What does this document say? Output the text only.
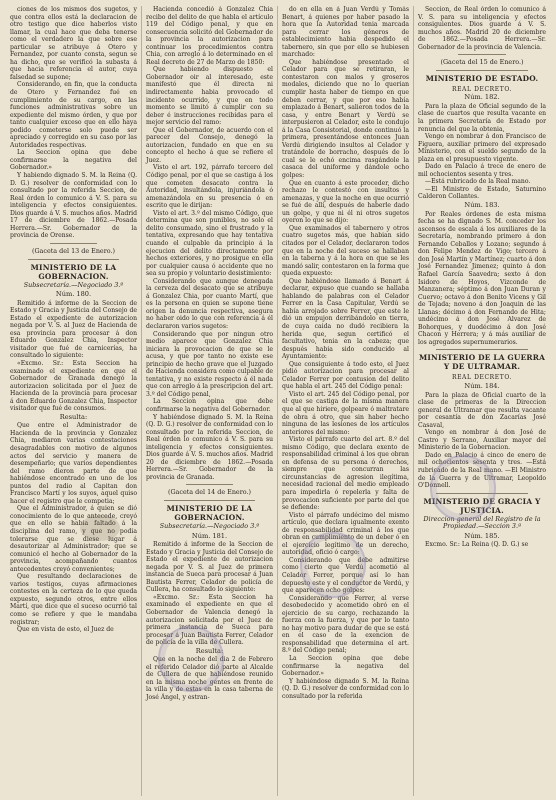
ciones de los mismos dos sugetos, y que contra ellos está la declaracion de otro testigo que dice haberlos visto llamar, la cual hace que deba tenerse como el verdadero la que sobre ese particular se atribuye á Otero y Fernandez, por cuanto consta, segun se ha dicho, que se verificó la subasta á que hacia referencia el autor, cuya falsedad se supone;

Considerando, en fin, que la conducta de Otero y Fernandez fué en cumplimiento de su cargo, en las funciones administrativas sobre un expediente del mismo órden, y que por tanto cualquier exceso que en ello haya podido cometerse solo puede ser apreciado y corregido en su caso por las Autoridades respectivas.

La Seccion opina que debe confirmarse la negativa del Gobernador.»

Y habiendo dignado S. M. la Reina (Q. D. G.) resolver de conformidad con lo consultado por la referida Seccion, de Real órden lo comunico á V. S. para su inteligencia y efectos consiguientes. Dios guarde á V. S. muchos años. Madrid 17 de diciembre de 1862.—Posada Herrera.—Sr. Gobernador de la provincia de Orense.

(Gaceta del 13 de Enero.)

MINISTERIO DE LA GOBERNACION.

Subsecretaría.—Negociado 3.º

Núm. 180.

Remitido á informe de la Seccion de Estado y Gracia y Justicia del Consejo de Estado el expediente de autorizacion negada por V. S. al Juez de Hacienda de esa provincia para procesar á don Eduardo Gonzalez Chia, Inspector visitador que fué de carnicerías, ha consultado lo siguiente:

«Excmo. Sr.: Esta Seccion ha examinado el expediente en que el Gobernador de Granada denegó la autorizacion solicitada por el Juez de Hacienda de la provincia para procesar á don Eduardo Gonzalez Chia, Inspector visitador que fué de consumos.

Resulta:

Que entre el Administrador de Hacienda de la provincia y Gonzalez Chia, mediaron varias contestaciones desagradables con motivo de algunos actos del servicio y manera de desempeñarlo; que varios dependientes del ramo dieron parte de que habiéndose encontrado en uno de los puntos del radio al Capitan don Francisco Martí y los suyos, aquel quiso hacer el registro que le competia;

Que el Administrador, á quien se dió conocimiento de lo que antecede, creyó que en ello se habia faltado á la disciplina del ramo, y que no podia tolerarse que se diese lugar á desautorizar al Administrador; que se comunicó el hecho al Gobernador de la provincia, acompañando cuantos antecedentes creyó convenientes;

Que resultando declaraciones de varios testigos, cuyas afirmaciones contestes en la certeza de lo que queda expuesto, segundo otros, entre ellos Martí, que dice que el suceso ocurrió tal como se refiere y que le mandaba registrar;

Que en vista de esto, el Juez de

Hacienda concedió á Gonzalez Chia recibo del delito de que habla el artículo 119 del Código penal, y que en consecuencia solicitó del Gobernador de la provincia la autorizacion para continuar los procedimientos contra Chia, con arreglo á lo determinado en el Real decreto de 27 de Marzo de 1850:

Que habiendo dispuesto el Gobernador oir al interesado, este manifestó que él directa ni indirectamente habia provocado el incidente ocurrido, y que en todo momento se limitó á cumplir con su deber é instrucciones recibidas para el mejor servicio del ramo:

Que el Gobernador, de acuerdo con el parecer del Consejo, denegó la autorizacion, fundado en que en su concepto el hecho á que se refiere el Juez.

Visto el art. 192, párrafo tercero del Código penal, por el que se castiga á los que cometen desacato contra la Autoridad, insultándola, injuriándola ó amenazándola en su presencia ó en escrito que le dirijan:

Visto el art. 3.º del mismo Código, que determina que son punibles, no solo el delito consumado, sino el frustrado y la tentativa, expresando que hay tentativa cuando el culpable da principio á la ejecucion del delito directamente por hechos exteriores, y no prosigue en ella por cualquier causa ó accidente que no sea su propio y voluntario desistimiento:

Considerando que aunque denegada la cerveza del desacato que se atribuye á Gonzalez Chia, por cuanto Martí, que es la persona en quien se supone tiene origen la denuncia respectiva, asegura no haber oido lo que con referencia á él declararon varios sugetos:

Considerando que por ningun otro medio aparece que Gonzalez Chia iniciara la provocacion de que se le acusa, y que por tanto no existe ese principio de hecho grave que el Juzgado de Hacienda considera como culpable de tentativa, y no existe respecto á él nada que con arreglo á la prescripcion del art. 3.º del Código penal,

La Seccion opina que debe confirmarse la negativa del Gobernador.

Y habiéndose dignado S. M. la Reina (Q. D. G.) resolver de conformidad con lo consultado por la referida Seccion, de Real órden lo comunico á V. S. para su inteligencia y efectos consiguientes. Dios guarde á V. S. muchos años. Madrid 20 de diciembre de 1862.—Posada Herrera.—Sr. Gobernador de la provincia de Granada.

(Gaceta del 14 de Enero.)

MINISTERIO DE LA GOBERNACION.

Subsecretaría.—Negociado 3.º

Núm. 181.

Remitido á informe de la Seccion de Estado y Gracia y Justicia del Consejo de Estado el expediente de autorizacion negada por V. S. al Juez de primera instancia de Sueca para procesar á Juan Bautista Ferrer, Celador de policía de Cullera, ha consultado lo siguiente:

«Excmo. Sr.: Esta Seccion ha examinado el expediente en que el Gobernador de Valencia denegó la autorizacion solicitada por el Juez de primera instancia de Sueca para procesar á Juan Bautista Ferrer, Celador de policía de la villa de Cullera.

Resulta:

Que en la noche del dia 2 de Febrero el referido Celador dió parte al Alcalde de Cullera de que habiéndose reunido en la misma noche gentes en frente de la villa y de estas en la casa taberna de José Ángel, y estran-

do en ella en á Juan Verdú y Tomás Benart, á quienes por haber pasado la hora que la Autoridad tenia marcada para cerrar los géneros de establecimiento habia despedido el tabernero, sin que por ello se hubiesen marchado:

Que habiéndose presentado el Celador para que se retiraran, le contestaron con malos y groseros modales, diciendo que no lo querian cumplir hasta haber de tiempo en que deben cerrar, y que por eso había emplazado á Benart, salieron todos de la casa, y entre Benart y Verdú se interpusieron al Celador, este le condujo á la Casa Consistorial, donde continuó la primera, presentándose entonces Juan Verdú dirigiendo insultos al Celador y tratándole de borracho, después de lo cual se le echó encima rasgándole la casaca del uniforme y dándole ocho golpes:

Que en cuanto á este proceder, dicho rechazo le contestó con insultos y amenazas, y que la noche en que ocurrió se fué de allí, después de haberle dado un golpe, y que ni él ni otros sugetos oyeron lo que se dijo:

Que examinados el tabernero y otros cuatro sugetos más, que habian sido citados por el Celador, declararon todos que en la noche del suceso se hallaban en la taberna y á la hora en que se les mandó salir, contestaron en la forma que queda expuesto:

Que habiéndose llamado á Benart á declarar, expuso que cuando se hallaba hablando de palabras con el Celador Ferrer en la Casa Capitular, Verdú se había arrojado sobre Ferrer, que este le dió un empujon derribándolo en tierra, de cuya caida no dudó recibiera la herida que, segun certificó el facultativo, tenia en la cabeza; que después habia sido conducido al Ayuntamiento:

Que consiguiente á todo esto, el Juez pidió autorizacion para procesar al Celador Ferrer por contusion del delito que habla el art. 245 del Código penal:

Visto el art. 245 del Código penal, por el que se castiga de la misma manera que al que hiriere, golpeare ó maltratare de obra á otro, que sin haber hecho ninguna de las lesiones de los artículos anteriores del mismo:

Visto el párrafo cuarto del art. 8.º del mismo Código, que declara exento de responsabilidad criminal á los que obran en defensa de su persona ó derechos, siempre que concurran las circunstancias de agresion ilegítima, necesidad racional del medio empleado para impedirla ó repelerla y falta de provocacion suficiente por parte del que se defiende:

Visto el párrafo undécimo del mismo artículo, que declara igualmente exento de responsabilidad criminal á los que obran en cumplimiento de un deber ó en el ejercicio legítimo de un derecho, autoridad, oficio ó cargo:

Considerando que debe admitirse como cierto que Verdú acometió al Celador Ferrer, porque así lo han depuesto este y el conductor de Verdú, y que aparecen ocho golpes:

Considerando que Ferrer, al verse desobedecido y acometido obró en el ejercicio de su cargo, rechazando la fuerza con la fuerza, y que por lo tanto no hay motivo para dudar de que se está en el caso de la exencion de responsabilidad que determina el art. 8.º del Código penal;

La Seccion opina que debe confirmarse la negativa del Gobernador.»

Y habiéndose dignado S. M. la Reina (Q. D. G.) resolver de conformidad con lo consultado por la referida

Seccion, de Real órden lo comunico á V. S. para su inteligencia y efectos consiguientes. Dios guarde á V. S. muchos años. Madrid 20 de diciembre de 1862.—Posada Herrera.—Sr. Gobernador de la provincia de Valencia.

(Gaceta del 15 de Enero.)

MINISTERIO DE ESTADO.

REAL DECRETO.

Núm. 182.

Para la plaza de Oficial segundo de la clase de cuartos que resulta vacante en la primera Secretaría de Estado por renuncia del que la obtenia,

Vengo en nombrar á don Francisco de Figuera, auxiliar primero del expresado Ministerio, con el sueldo segundo de la plaza en el presupuesto vigente.

Dado en Palacio á trece de enero de mil ochocientos sesenta y tres.

—Está rubricado de la Real mano.

—El Ministro de Estado, Saturnino Calderon Collantes.

Núm. 183.

Por Reales órdenes de esta misma fecha se ha dignado S. M. conceder los ascensos de escala á los auxiliares de la Secretaría, nombrando primero á don Fernando Ceballos y Lozano; segundo á don Felipe Mendez de Vigo; tercero á don José Martín y Martínez; cuarto á don José Fernandez Jimenez; quinto á don Rafael García Saavedra; sexto á don Isidoro de Hoyos, Vizconde de Manzanera; séptimo á don Juan Duran y Cuervo; octavo á don Benito Vicens y Gil de Tejada; noveno á don Joaquin de las Llanas; décimo á don Fernando de Hita; undécimo á don José Alvarez de Bohorques, y duodécimo á don José Chacon y Herrera; y á más auxiliar de los agregados supernumerarios.

MINISTERIO DE LA GUERRA Y DE ULTRAMAR.

REAL DECRETO.

Núm. 184.

Para la plaza de Oficial cuarto de la clase de primeras de la Direccion general de Ultramar que resulta vacante por cesantía de don Zacarías José Casaval,

Vengo en nombrar á don José de Castro y Serrano, Auxiliar mayor del Ministerio de la Gobernacion.

Dado en Palacio á cinco de enero de mil ochocientos sesenta y tres. —Está rubricado de la Real mano. —El Ministro de la Guerra y de Ultramar, Leopoldo O'Donnell.

MINISTERIO DE GRACIA Y JUSTICIA.

Direccion general del Registro de la Propiedad.—Seccion 3.ª

Núm. 185.

Excmo. Sr.: La Reina (Q. D. G.) se
